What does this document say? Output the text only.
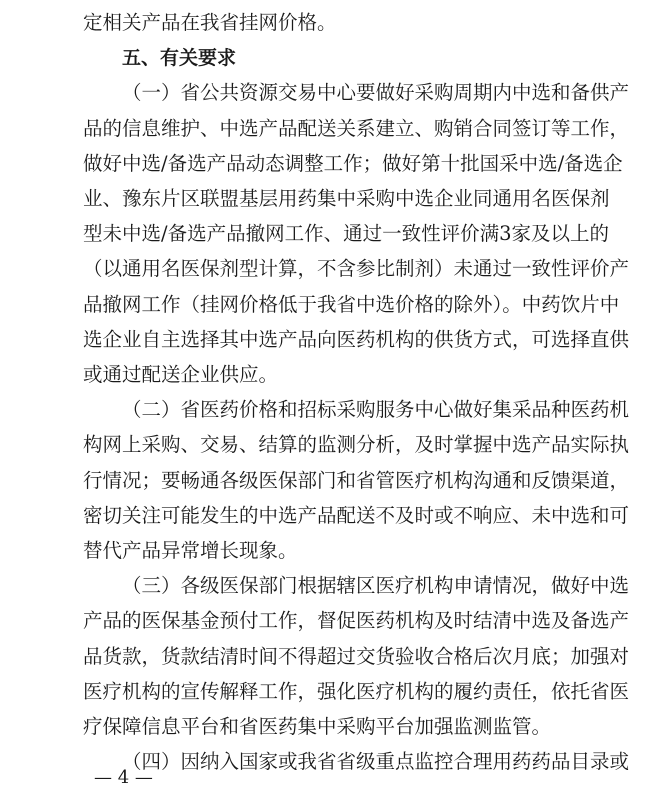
定相关产品在我省挂网价格。
五、有关要求
（一）省公共资源交易中心要做好采购周期内中选和备供产
品的信息维护、中选产品配送关系建立、购销合同签订等工作，
做好中选/备选产品动态调整工作；做好第十批国采中选/备选企
业、豫东片区联盟基层用药集中采购中选企业同通用名医保剂
型未中选/备选产品撤网工作、通过一致性评价满3家及以上的
（以通用名医保剂型计算，不含参比制剂）未通过一致性评价产
品撤网工作（挂网价格低于我省中选价格的除外）。中药饮片中
选企业自主选择其中选产品向医药机构的供货方式，可选择直供
或通过配送企业供应。
（二）省医药价格和招标采购服务中心做好集采品种医药机
构网上采购、交易、结算的监测分析，及时掌握中选产品实际执
行情况；要畅通各级医保部门和省管医疗机构沟通和反馈渠道，
密切关注可能发生的中选产品配送不及时或不响应、未中选和可
替代产品异常增长现象。
（三）各级医保部门根据辖区医疗机构申请情况，做好中选
产品的医保基金预付工作，督促医药机构及时结清中选及备选产
品货款，货款结清时间不得超过交货验收合格后次月底；加强对
医疗机构的宣传解释工作，强化医疗机构的履约责任，依托省医
疗保障信息平台和省医药集中采购平台加强监测监管。
（四）因纳入国家或我省省级重点监控合理用药药品目录或
— 4 —
